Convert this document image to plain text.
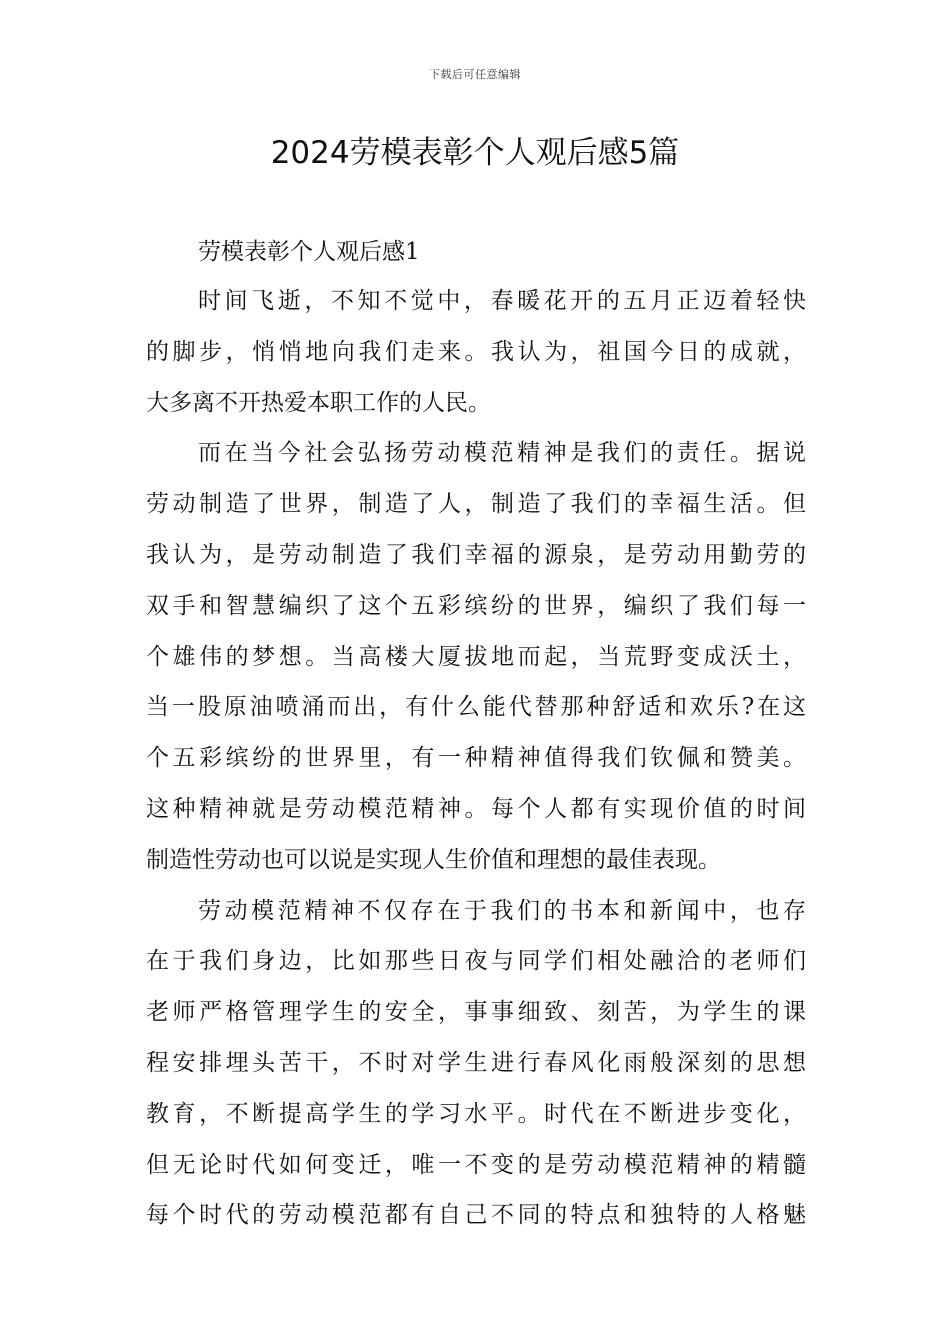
下载后可任意编辑
2024劳模表彰个人观后感5篇
劳模表彰个人观后感1
时间飞逝，不知不觉中，春暖花开的五月正迈着轻快
的脚步，悄悄地向我们走来。我认为，祖国今日的成就，
大多离不开热爱本职工作的人民。
而在当今社会弘扬劳动模范精神是我们的责任。据说
劳动制造了世界，制造了人，制造了我们的幸福生活。但
我认为，是劳动制造了我们幸福的源泉，是劳动用勤劳的
双手和智慧编织了这个五彩缤纷的世界，编织了我们每一
个雄伟的梦想。当高楼大厦拔地而起，当荒野变成沃土，
当一股原油喷涌而出，有什么能代替那种舒适和欢乐?在这
个五彩缤纷的世界里，有一种精神值得我们钦佩和赞美。
这种精神就是劳动模范精神。每个人都有实现价值的时间
制造性劳动也可以说是实现人生价值和理想的最佳表现。
劳动模范精神不仅存在于我们的书本和新闻中，也存
在于我们身边，比如那些日夜与同学们相处融洽的老师们
老师严格管理学生的安全，事事细致、刻苦，为学生的课
程安排埋头苦干，不时对学生进行春风化雨般深刻的思想
教育，不断提高学生的学习水平。时代在不断进步变化，
但无论时代如何变迁，唯一不变的是劳动模范精神的精髓
每个时代的劳动模范都有自己不同的特点和独特的人格魅
